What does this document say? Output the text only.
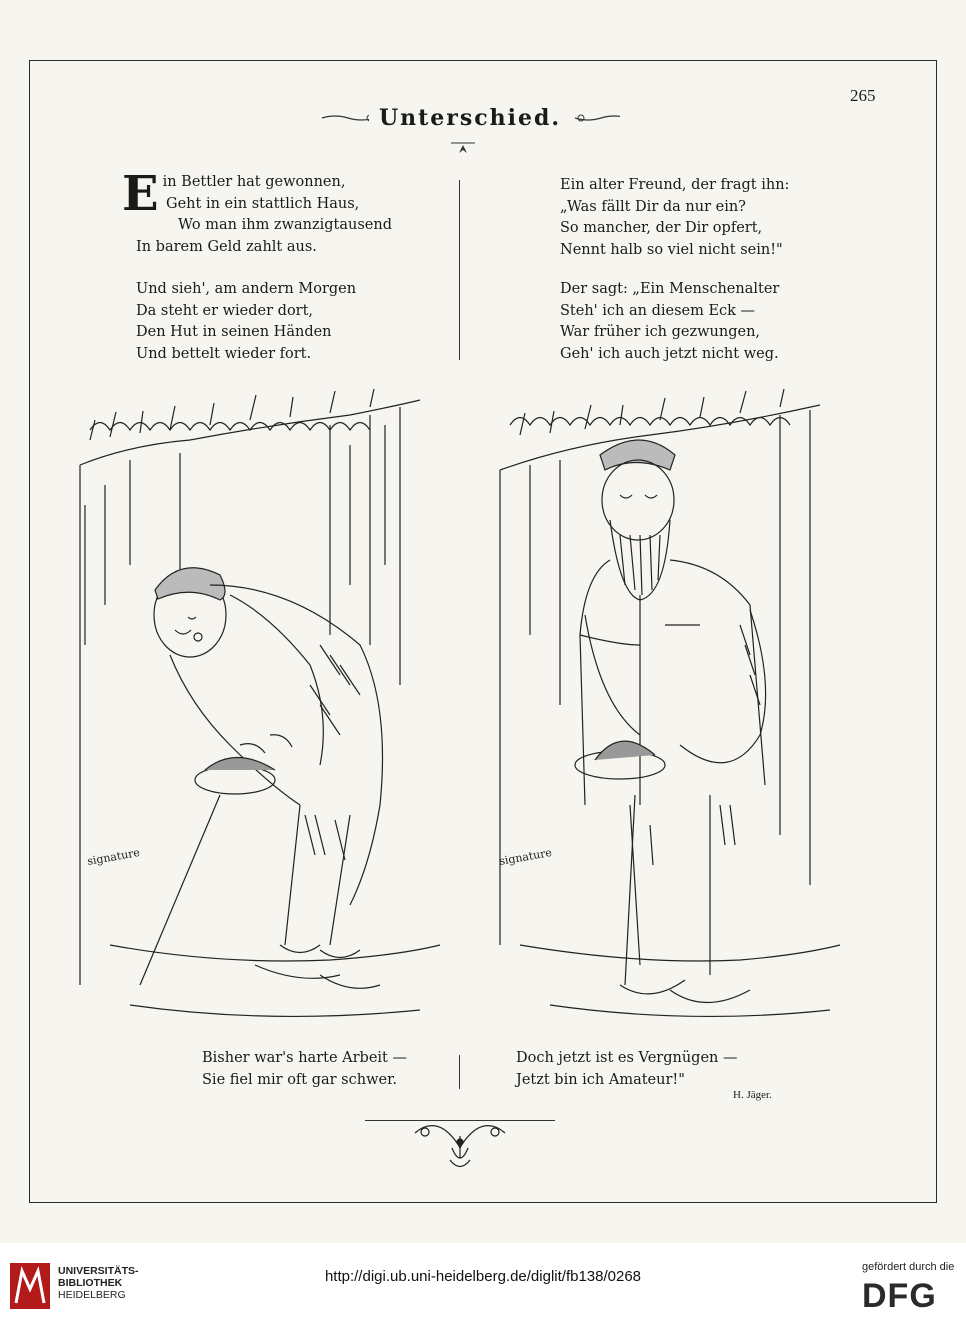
265
Unterschied.
E in Bettler hat gewonnen,
Geht in ein stattlich Haus,
Wo man ihm zwanzigtausend
In barem Geld zahlt aus.
Und sieh', am andern Morgen
Da steht er wieder dort,
Den Hut in seinen Händen
Und bettelt wieder fort.
Ein alter Freund, der fragt ihn:
„Was fällt Dir da nur ein?
So mancher, der Dir opfert,
Nennt halb so viel nicht sein!"
Der sagt: „Ein Menschenalter
Steh' ich an diesem Eck —
War früher ich gezwungen,
Geh' ich auch jetzt nicht weg.
signature	signature
Bisher war's harte Arbeit —
Sie fiel mir oft gar schwer.
Doch jetzt ist es Vergnügen —
Jetzt bin ich Amateur!"
H. Jäger.
UNIVERSITÄTS-
BIBLIOTHEK
HEIDELBERG
http://digi.ub.uni-heidelberg.de/diglit/fb138/0268
gefördert durch die
DFG
